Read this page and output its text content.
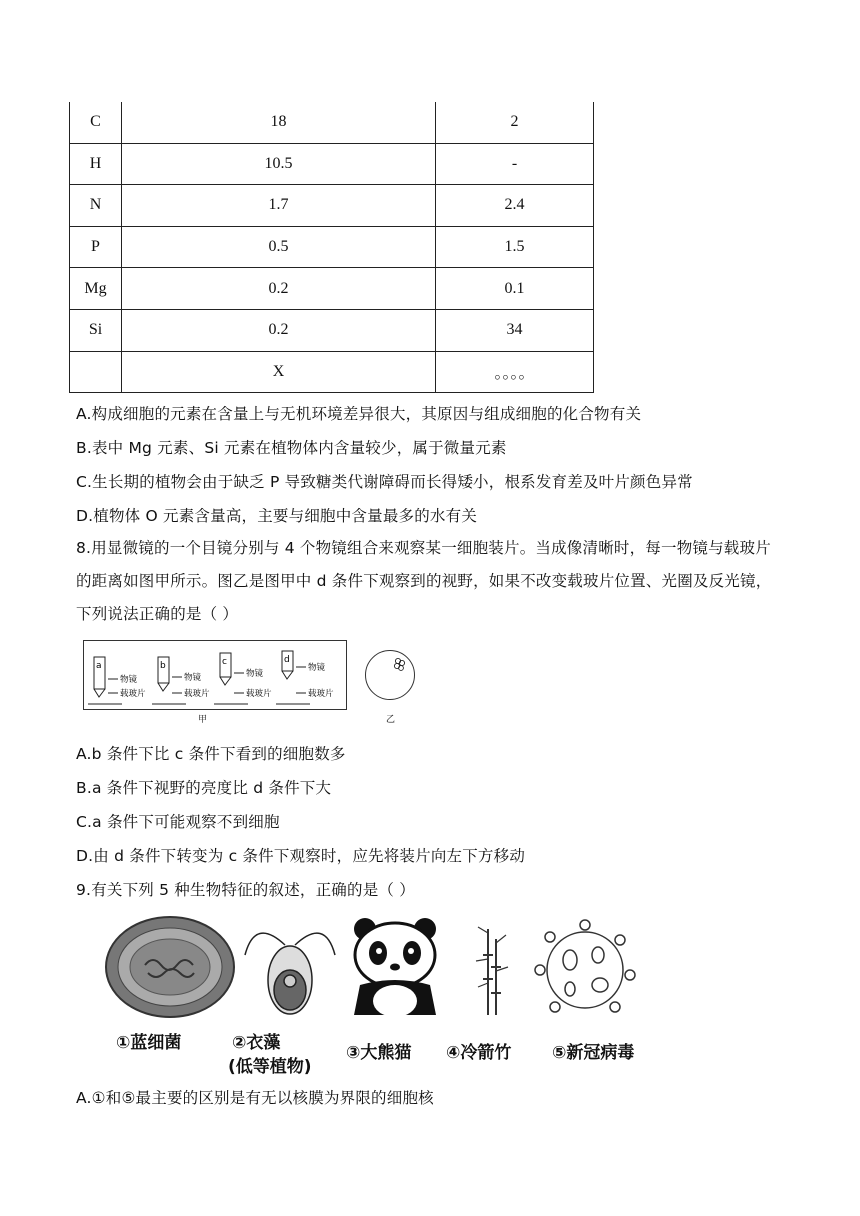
C	18	2
H	10.5	-
N	1.7	2.4
P	0.5	1.5
Mg	0.2	0.1
Si	0.2	34
	X	。。。。
A.构成细胞的元素在含量上与无机环境差异很大，其原因与组成细胞的化合物有关
B.表中 Mg 元素、Si 元素在植物体内含量较少，属于微量元素
C.生长期的植物会由于缺乏 P 导致糖类代谢障碍而长得矮小，根系发育差及叶片颜色异常
D.植物体 O 元素含量高，主要与细胞中含量最多的水有关
8.用显微镜的一个目镜分别与 4 个物镜组合来观察某一细胞装片。当成像清晰时，每一物镜与载玻片的距离如图甲所示。图乙是图甲中 d 条件下观察到的视野，如果不改变载玻片位置、光圈及反光镜，下列说法正确的是（ ）
a	b	c	d
物镜
载玻片
物镜
载玻片
物镜
载玻片
物镜
载玻片
甲	乙
A.b 条件下比 c 条件下看到的细胞数多
B.a 条件下视野的亮度比 d 条件下大
C.a 条件下可能观察不到细胞
D.由 d 条件下转变为 c 条件下观察时，应先将装片向左下方移动
9.有关下列 5 种生物特征的叙述，正确的是（ ）
①蓝细菌	②衣藻
(低等植物)
③大熊猫 ④冷箭竹 ⑤新冠病毒
A.①和⑤最主要的区别是有无以核膜为界限的细胞核
